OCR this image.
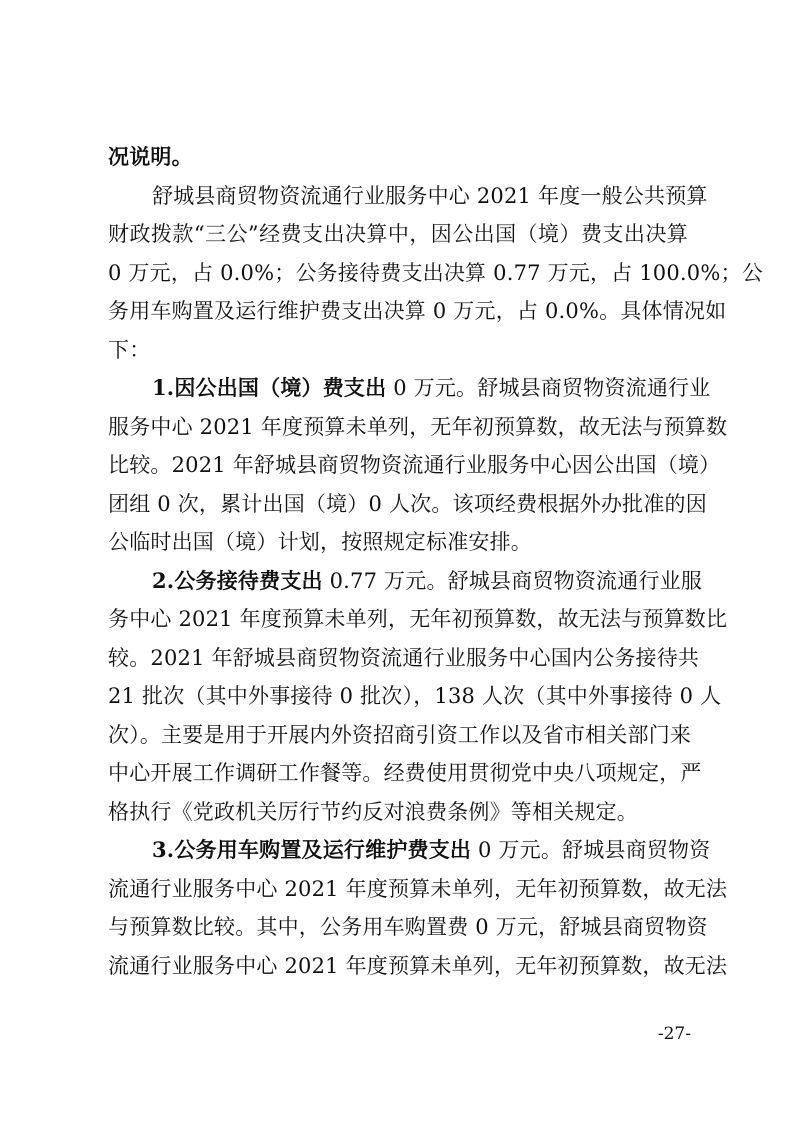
况说明。
舒城县商贸物资流通行业服务中心 2021 年度一般公共预算
财政拨款“三公”经费支出决算中，因公出国（境）费支出决算
0 万元，占 0.0%；公务接待费支出决算 0.77 万元，占 100.0%；公
务用车购置及运行维护费支出决算 0 万元，占 0.0%。具体情况如
下：
1.因公出国（境）费支出 0 万元。舒城县商贸物资流通行业
服务中心 2021 年度预算未单列，无年初预算数，故无法与预算数
比较。2021 年舒城县商贸物资流通行业服务中心因公出国（境）
团组 0 次，累计出国（境）0 人次。该项经费根据外办批准的因
公临时出国（境）计划，按照规定标准安排。
2.公务接待费支出 0.77 万元。舒城县商贸物资流通行业服
务中心 2021 年度预算未单列，无年初预算数，故无法与预算数比
较。2021 年舒城县商贸物资流通行业服务中心国内公务接待共
21 批次（其中外事接待 0 批次），138 人次（其中外事接待 0 人
次）。主要是用于开展内外资招商引资工作以及省市相关部门来
中心开展工作调研工作餐等。经费使用贯彻党中央八项规定，严
格执行《党政机关厉行节约反对浪费条例》等相关规定。
3.公务用车购置及运行维护费支出 0 万元。舒城县商贸物资
流通行业服务中心 2021 年度预算未单列，无年初预算数，故无法
与预算数比较。其中，公务用车购置费 0 万元，舒城县商贸物资
流通行业服务中心 2021 年度预算未单列，无年初预算数，故无法
-27-
